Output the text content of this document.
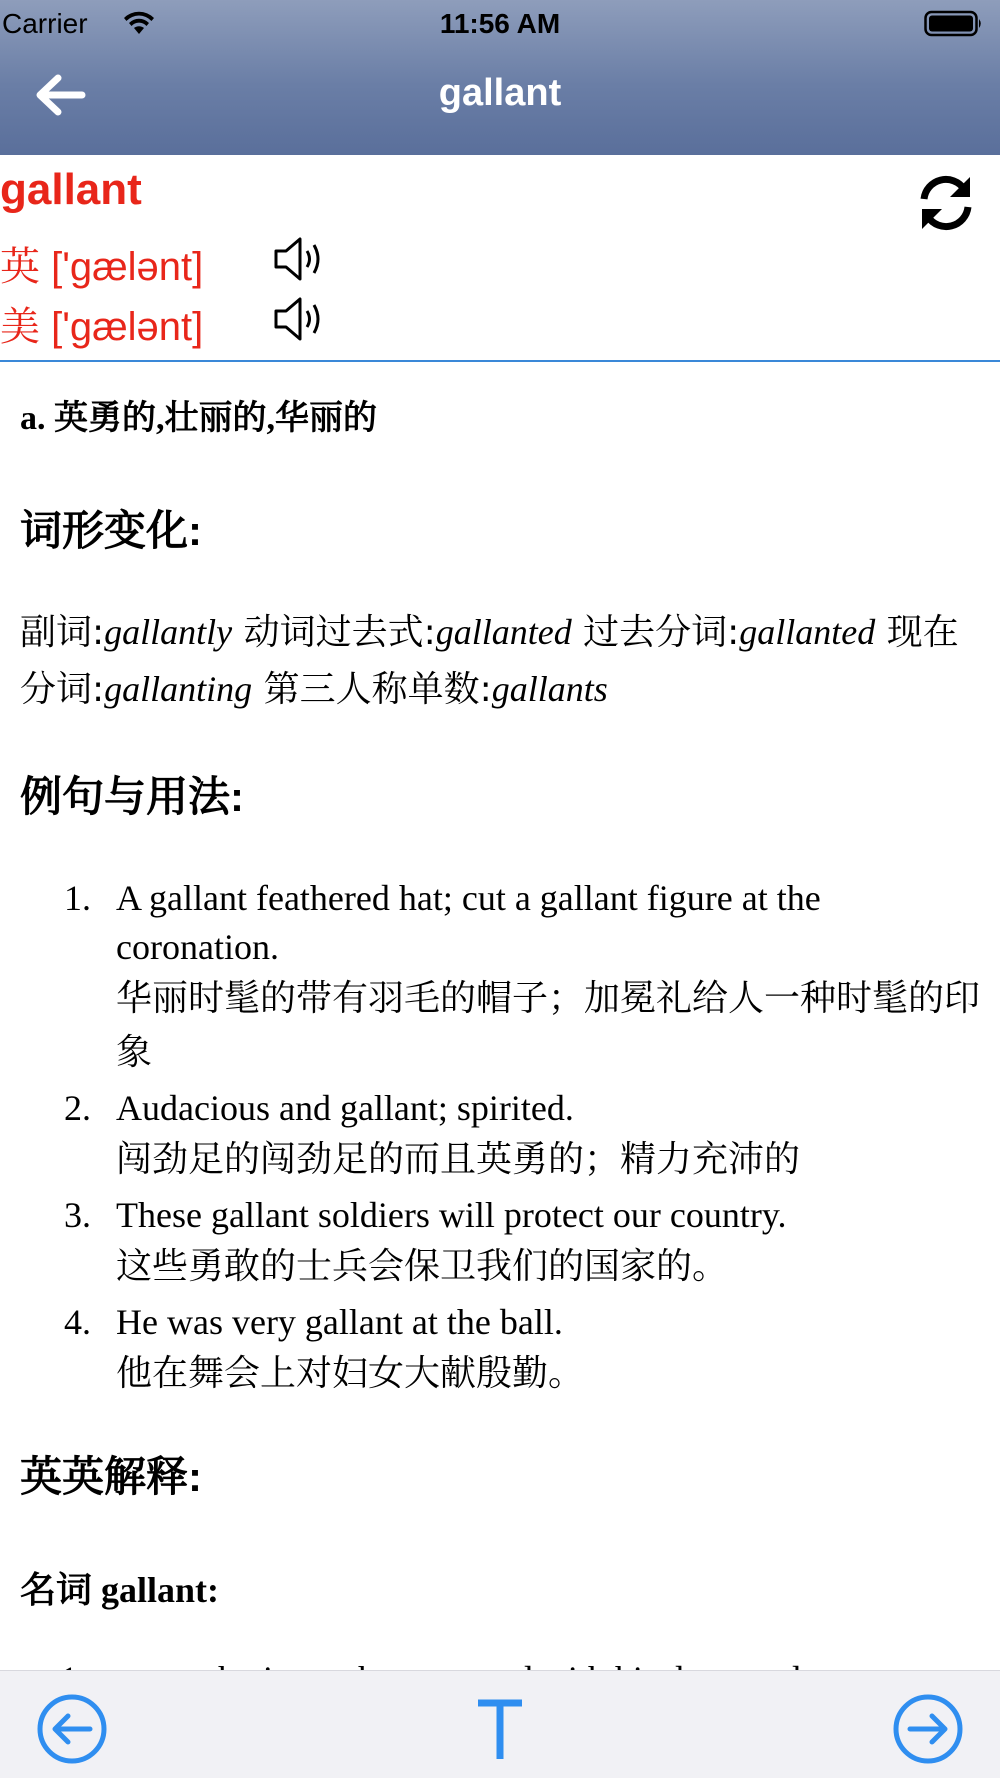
Carrier	11:56 AM
gallant
gallant
英 ['gælənt]
美 ['gælənt]
a. 英勇的,壮丽的,华丽的
词形变化:
副词:gallantly 动词过去式:gallanted 过去分词:gallanted 现在分词:gallanting 第三人称单数:gallants
例句与用法:
1. A gallant feathered hat; cut a gallant figure at the coronation.
华丽时髦的带有羽毛的帽子；加冕礼给人一种时髦的印象
2. Audacious and gallant; spirited.
闯劲足的闯劲足的而且英勇的；精力充沛的
3. These gallant soldiers will protect our country.
这些勇敢的士兵会保卫我们的国家的。
4. He was very gallant at the ball.
他在舞会上对妇女大献殷勤。
英英解释:
名词 gallant:
